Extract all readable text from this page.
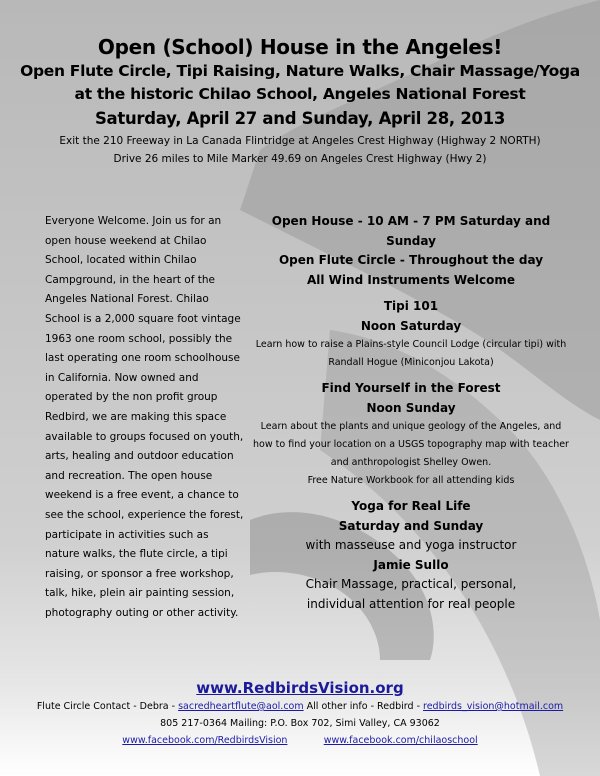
Open (School) House in the Angeles!
Open Flute Circle, Tipi Raising, Nature Walks, Chair Massage/Yoga
at the historic Chilao School, Angeles National Forest
Saturday, April 27 and Sunday, April 28, 2013
Exit the 210 Freeway in La Canada Flintridge at Angeles Crest Highway (Highway 2 NORTH)
Drive 26 miles to Mile Marker 49.69 on Angeles Crest Highway (Hwy 2)
Everyone Welcome. Join us for an open house weekend at Chilao School, located within Chilao Campground, in the heart of the Angeles National Forest. Chilao School is a 2,000 square foot vintage 1963 one room school, possibly the last operating one room schoolhouse in California. Now owned and operated by the non profit group Redbird, we are making this space available to groups focused on youth, arts, healing and outdoor education and recreation. The open house weekend is a free event, a chance to see the school, experience the forest, participate in activities such as nature walks, the flute circle, a tipi raising, or sponsor a free workshop, talk, hike, plein air painting session, photography outing or other activity.
Open House - 10 AM - 7 PM Saturday and Sunday
Open Flute Circle - Throughout the day
All Wind Instruments Welcome
Tipi 101
Noon Saturday
Learn how to raise a Plains-style Council Lodge (circular tipi) with Randall Hogue (Miniconjou Lakota)
Find Yourself in the Forest
Noon Sunday
Learn about the plants and unique geology of the Angeles, and how to find your location on a USGS topography map with teacher and anthropologist Shelley Owen.
Free Nature Workbook for all attending kids
Yoga for Real Life
Saturday and Sunday
with masseuse and yoga instructor
Jamie Sullo
Chair Massage, practical, personal,
individual attention for real people
www.RedbirdsVision.org
Flute Circle Contact - Debra - sacredheartflute@aol.com All other info - Redbird - redbirds_vision@hotmail.com
805 217-0364 Mailing: P.O. Box 702, Simi Valley, CA 93062
www.facebook.com/RedbirdsVision	www.facebook.com/chilaoschool
